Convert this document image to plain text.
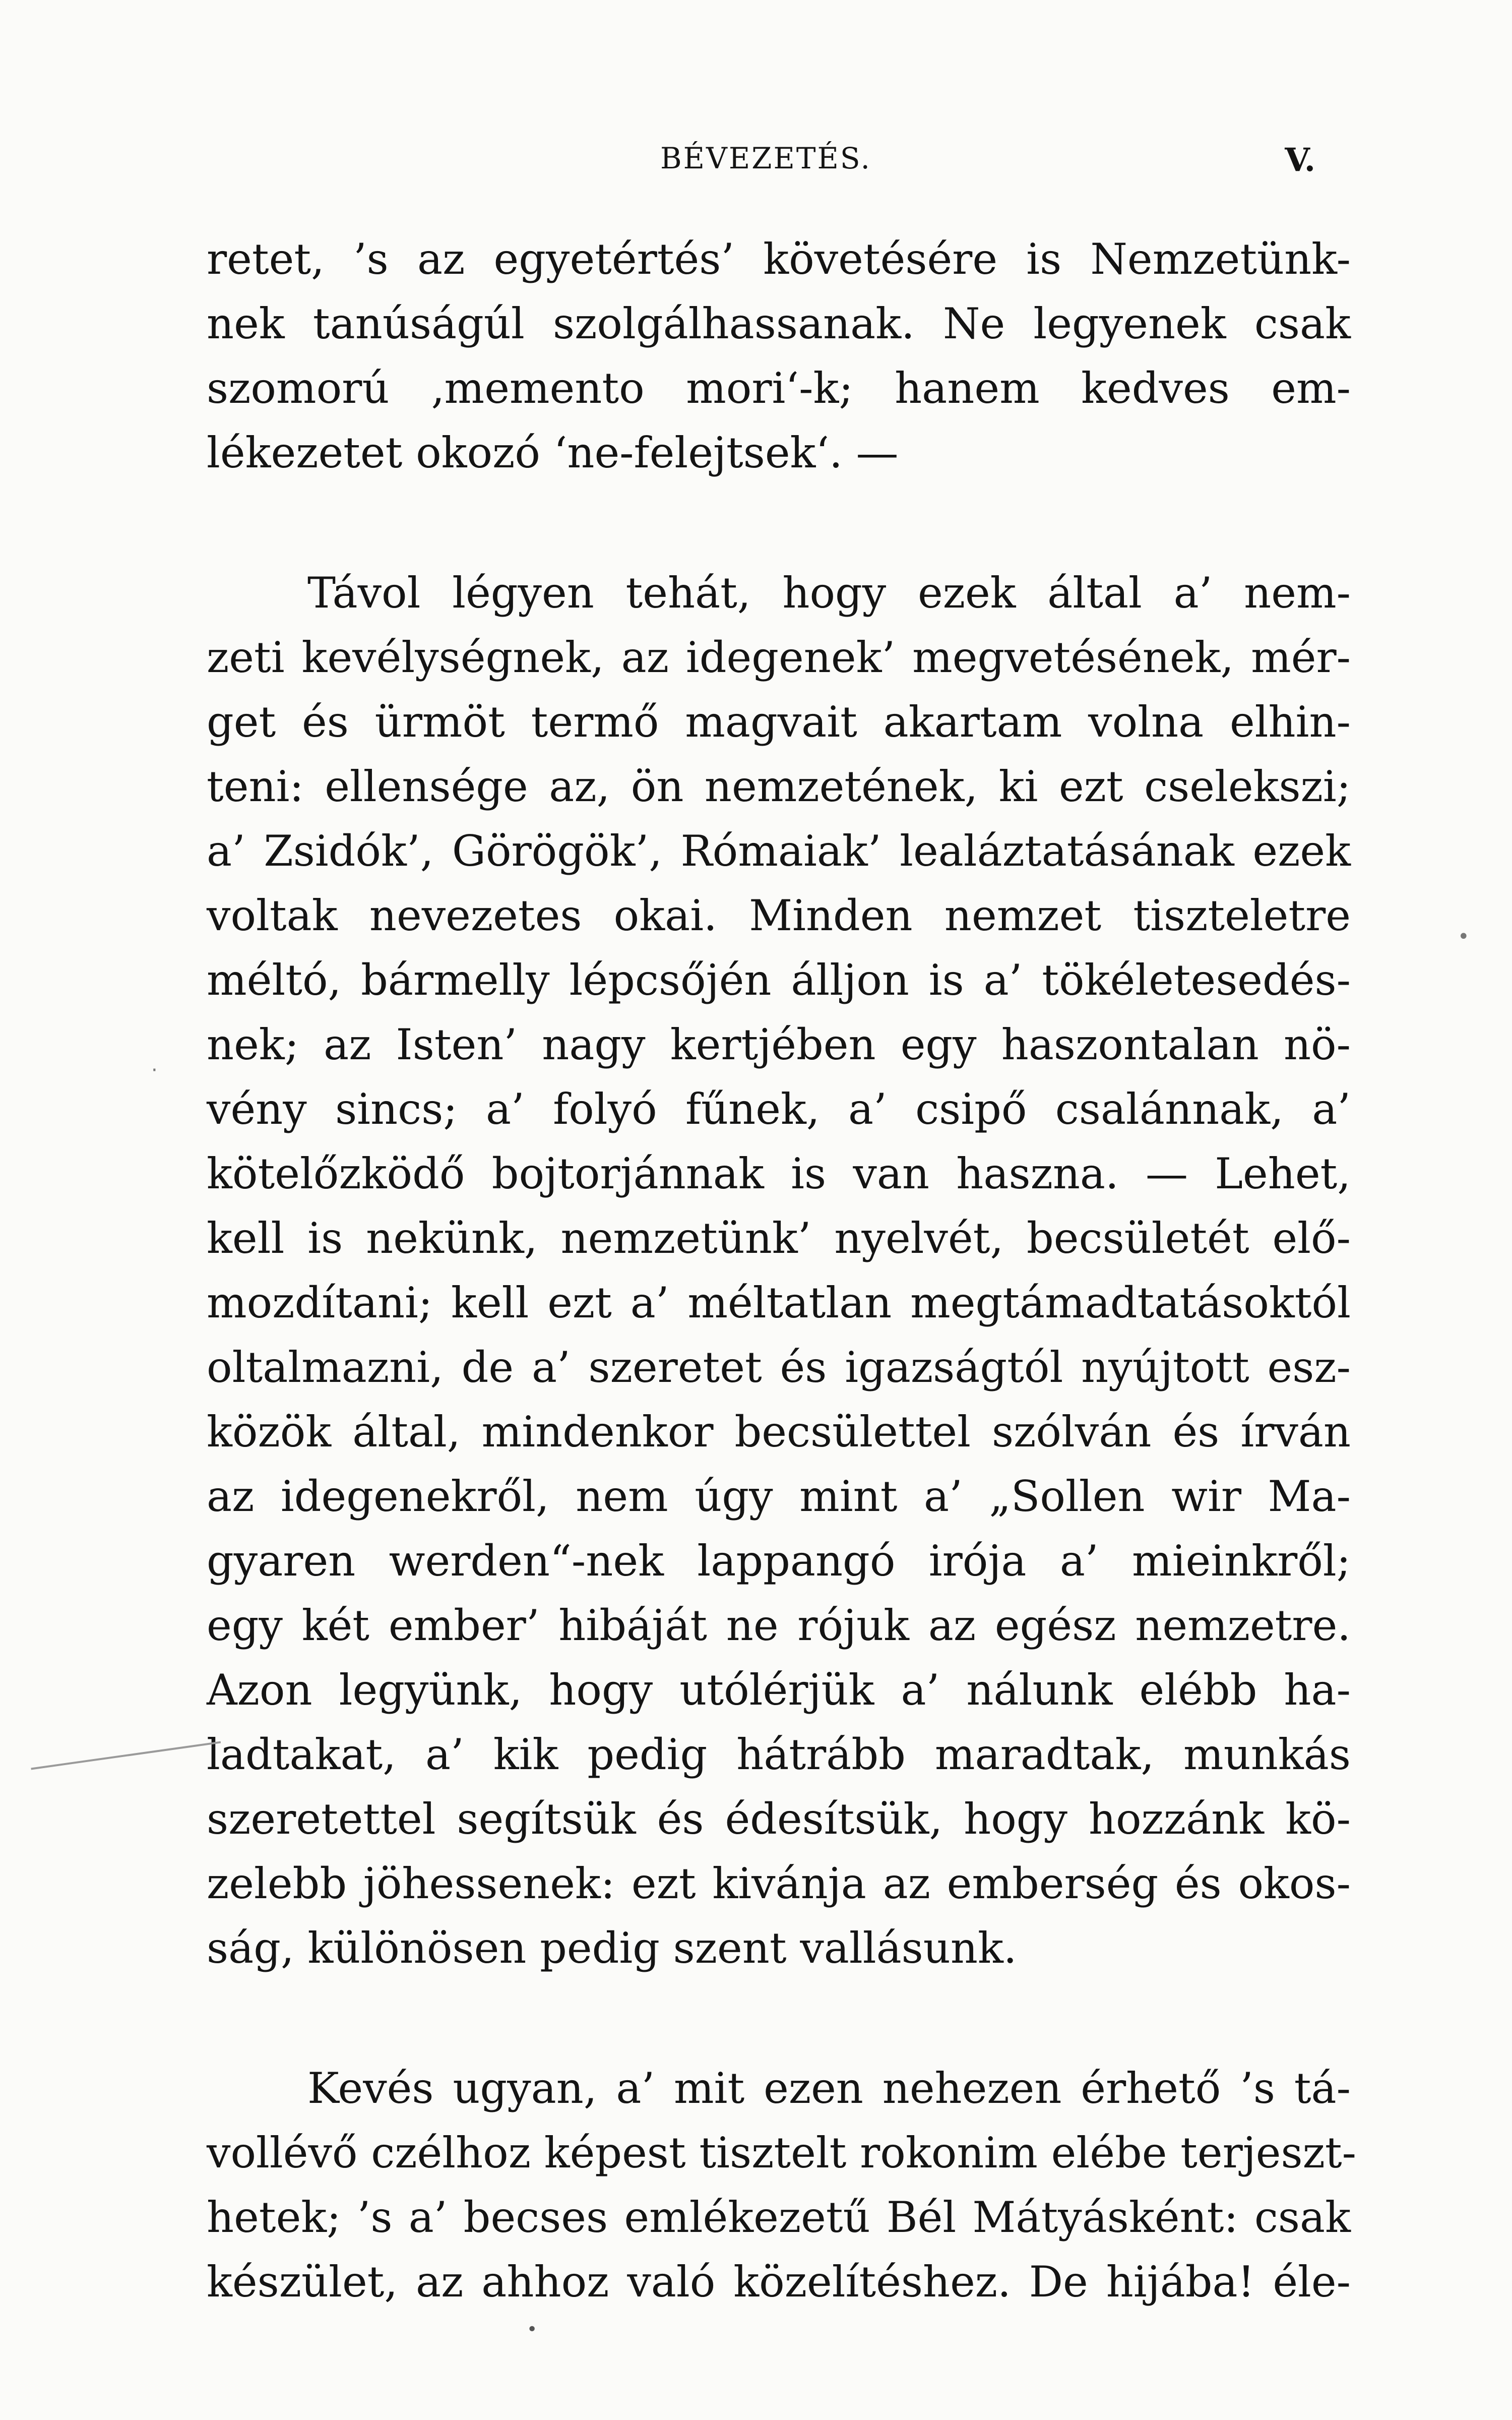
BÉVEZETÉS.	V.
retet, ’s az egyetértés’ követésére is Nemzetünk-
nek tanúságúl szolgálhassanak. Ne legyenek csak
szomorú ‚memento mori‘-k; hanem kedves em-
lékezetet okozó ‘ne-felejtsek‘. —
Távol légyen tehát, hogy ezek által a’ nem-
zeti kevélységnek, az idegenek’ megvetésének, mér-
get és ürmöt termő magvait akartam volna elhin-
teni: ellensége az, ön nemzetének, ki ezt cselekszi;
a’ Zsidók’, Görögök’, Rómaiak’ lealáztatásának ezek
voltak nevezetes okai. Minden nemzet tiszteletre
méltó, bármelly lépcsőjén álljon is a’ tökéletesedés-
nek; az Isten’ nagy kertjében egy haszontalan nö-
vény sincs; a’ folyó fűnek, a’ csipő csalánnak, a’
kötelőzködő bojtorjánnak is van haszna. — Lehet,
kell is nekünk, nemzetünk’ nyelvét, becsületét elő-
mozdítani; kell ezt a’ méltatlan megtámadtatásoktól
oltalmazni, de a’ szeretet és igazságtól nyújtott esz-
közök által, mindenkor becsülettel szólván és írván
az idegenekről, nem úgy mint a’ „Sollen wir Ma-
gyaren werden“-nek lappangó irója a’ mieinkről;
egy két ember’ hibáját ne rójuk az egész nemzetre.
Azon legyünk, hogy utólérjük a’ nálunk elébb ha-
ladtakat, a’ kik pedig hátrább maradtak, munkás
szeretettel segítsük és édesítsük, hogy hozzánk kö-
zelebb jöhessenek: ezt kivánja az emberség és okos-
ság, különösen pedig szent vallásunk.
Kevés ugyan, a’ mit ezen nehezen érhető ’s tá-
vollévő czélhoz képest tisztelt rokonim elébe terjeszt-
hetek; ’s a’ becses emlékezetű Bél Mátyásként: csak
készület, az ahhoz való közelítéshez. De hijába! éle-
•
·
•
